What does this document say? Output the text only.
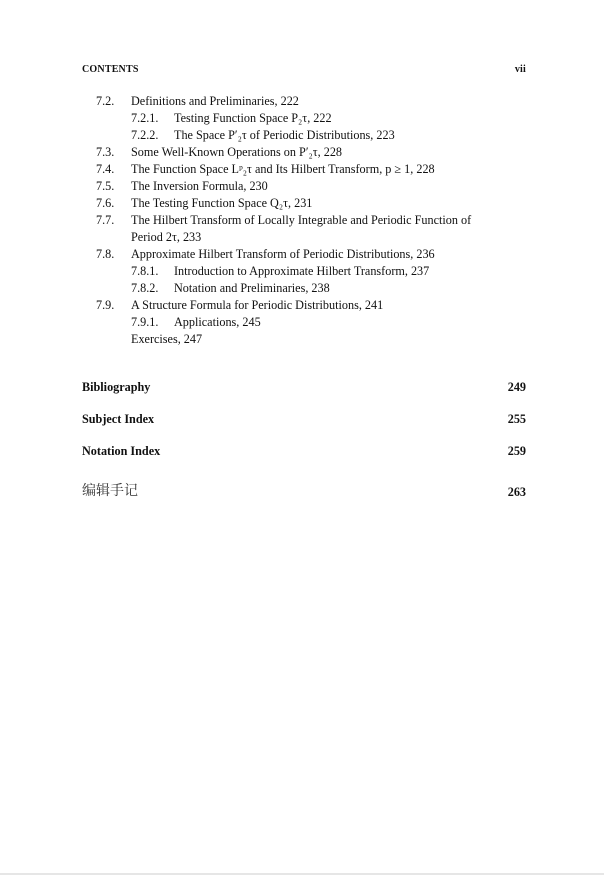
CONTENTS	vii
7.2. Definitions and Preliminaries, 222
7.2.1. Testing Function Space P₂τ, 222
7.2.2. The Space P′₂τ of Periodic Distributions, 223
7.3. Some Well-Known Operations on P′₂τ, 228
7.4. The Function Space Lᵖ₂τ and Its Hilbert Transform, p ≥ 1, 228
7.5. The Inversion Formula, 230
7.6. The Testing Function Space Q₂τ, 231
7.7. The Hilbert Transform of Locally Integrable and Periodic Function of
Period 2τ, 233
7.8. Approximate Hilbert Transform of Periodic Distributions, 236
7.8.1. Introduction to Approximate Hilbert Transform, 237
7.8.2. Notation and Preliminaries, 238
7.9. A Structure Formula for Periodic Distributions, 241
7.9.1. Applications, 245
Exercises, 247
Bibliography	249
Subject Index	255
Notation Index	259
编辑手记	263
